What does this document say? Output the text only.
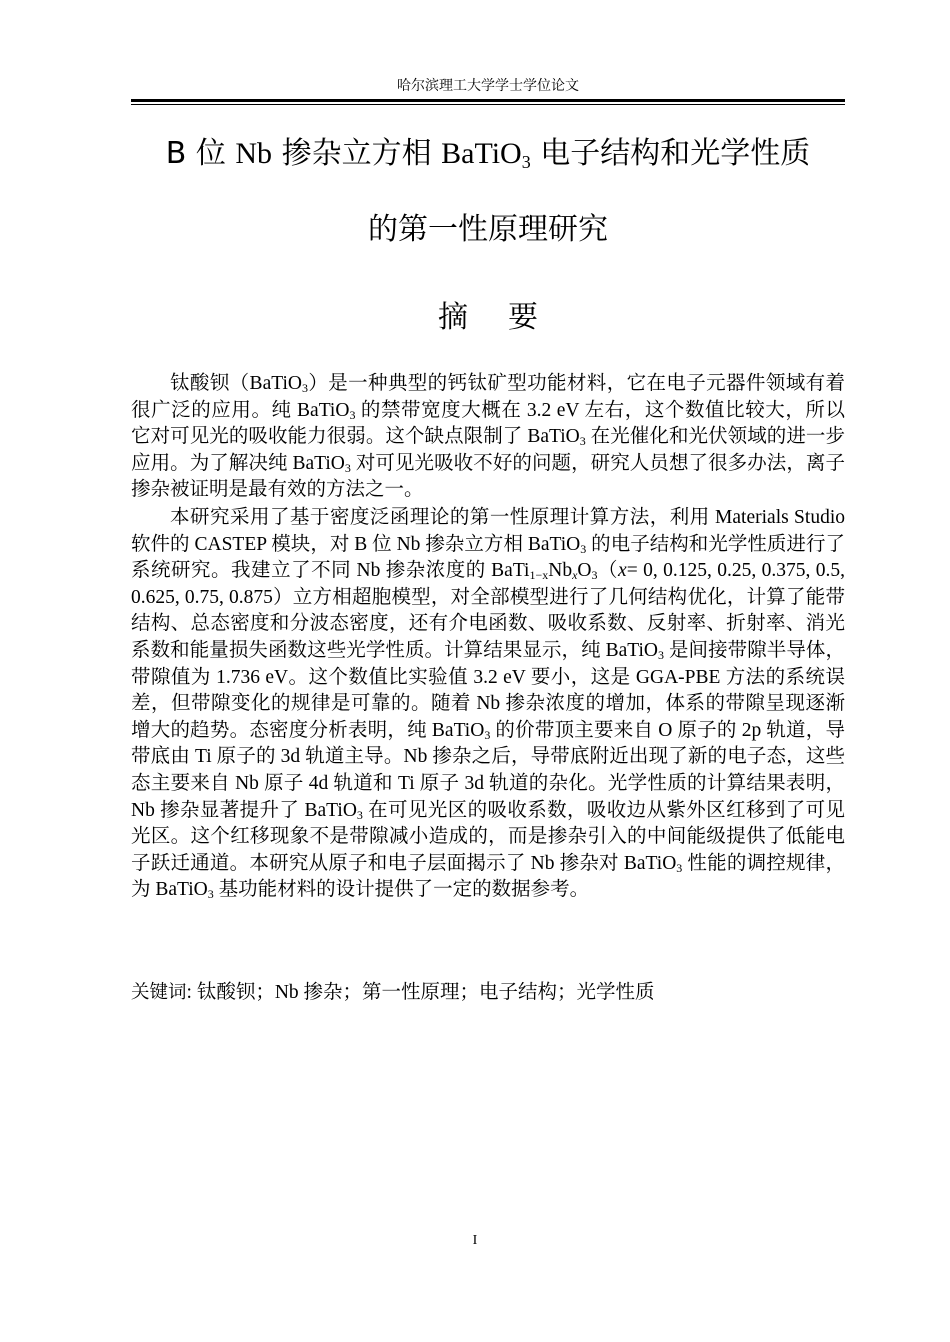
哈尔滨理工大学学士学位论文
B 位 Nb 掺杂立方相 BaTiO$_3$ 电子结构和光学性质
的第一性原理研究
摘要

钛酸钡（BaTiO$_3$）是一种典型的钙钛矿型功能材料，它在电子元器件领域有着很广泛的应用。纯 BaTiO$_3$ 的禁带宽度大概在 3.2 eV 左右，这个数值比较大，所以它对可见光的吸收能力很弱。这个缺点限制了 BaTiO$_3$ 在光催化和光伏领域的进一步应用。为了解决纯 BaTiO$_3$ 对可见光吸收不好的问题，研究人员想了很多办法，离子掺杂被证明是最有效的方法之一。

本研究采用了基于密度泛函理论的第一性原理计算方法，利用 Materials Studio 软件的 CASTEP 模块，对 B 位 Nb 掺杂立方相 BaTiO$_3$ 的电子结构和光学性质进行了系统研究。我建立了不同 Nb 掺杂浓度的 $BaTi_{1-x}Nb_xO_3(x= 0$, 0.125, 0.25, 0.375, 0.5, 0.625, 0.75, 0.875）立方相超胞模型，对全部模型进行了几何结构优化，计算了能带结构、总态密度和分波态密度，还有介电函数、吸收系数、反射率、折射率、消光系数和能量损失函数这些光学性质。计算结果显示，纯 BaTiO$_3$ 是间接带隙半导体，带隙值为 1.736 eV。这个数值比实验值 3.2 eV 要小，这是 GGA-PBE 方法的系统误差，但带隙变化的规律是可靠的。随着 Nb 掺杂浓度的增加，体系的带隙呈现逐渐增大的趋势。态密度分析表明，纯 BaTiO$_3$ 的价带顶主要来自 O 原子的 2p 轨道，导带底由 Ti 原子的 3d 轨道主导。Nb 掺杂之后，导带底附近出现了新的电子态，这些态主要来自 Nb 原子 4d 轨道和 Ti 原子 3d 轨道的杂化。光学性质的计算结果表明，Nb 掺杂显著提升了 BaTiO$_3$ 在可见光区的吸收系数，吸收边从紫外区红移到了可见光区。这个红移现象不是带隙减小造成的，而是掺杂引入的中间能级提供了低能电子跃迁通道。本研究从原子和电子层面揭示了 Nb 掺杂对 BaTiO$_3$ 性能的调控规律，为 BaTiO$_3$ 基功能材料的设计提供了一定的数据参考。

关键词: 钛酸钡；Nb 掺杂；第一性原理；电子结构；光学性质
I
